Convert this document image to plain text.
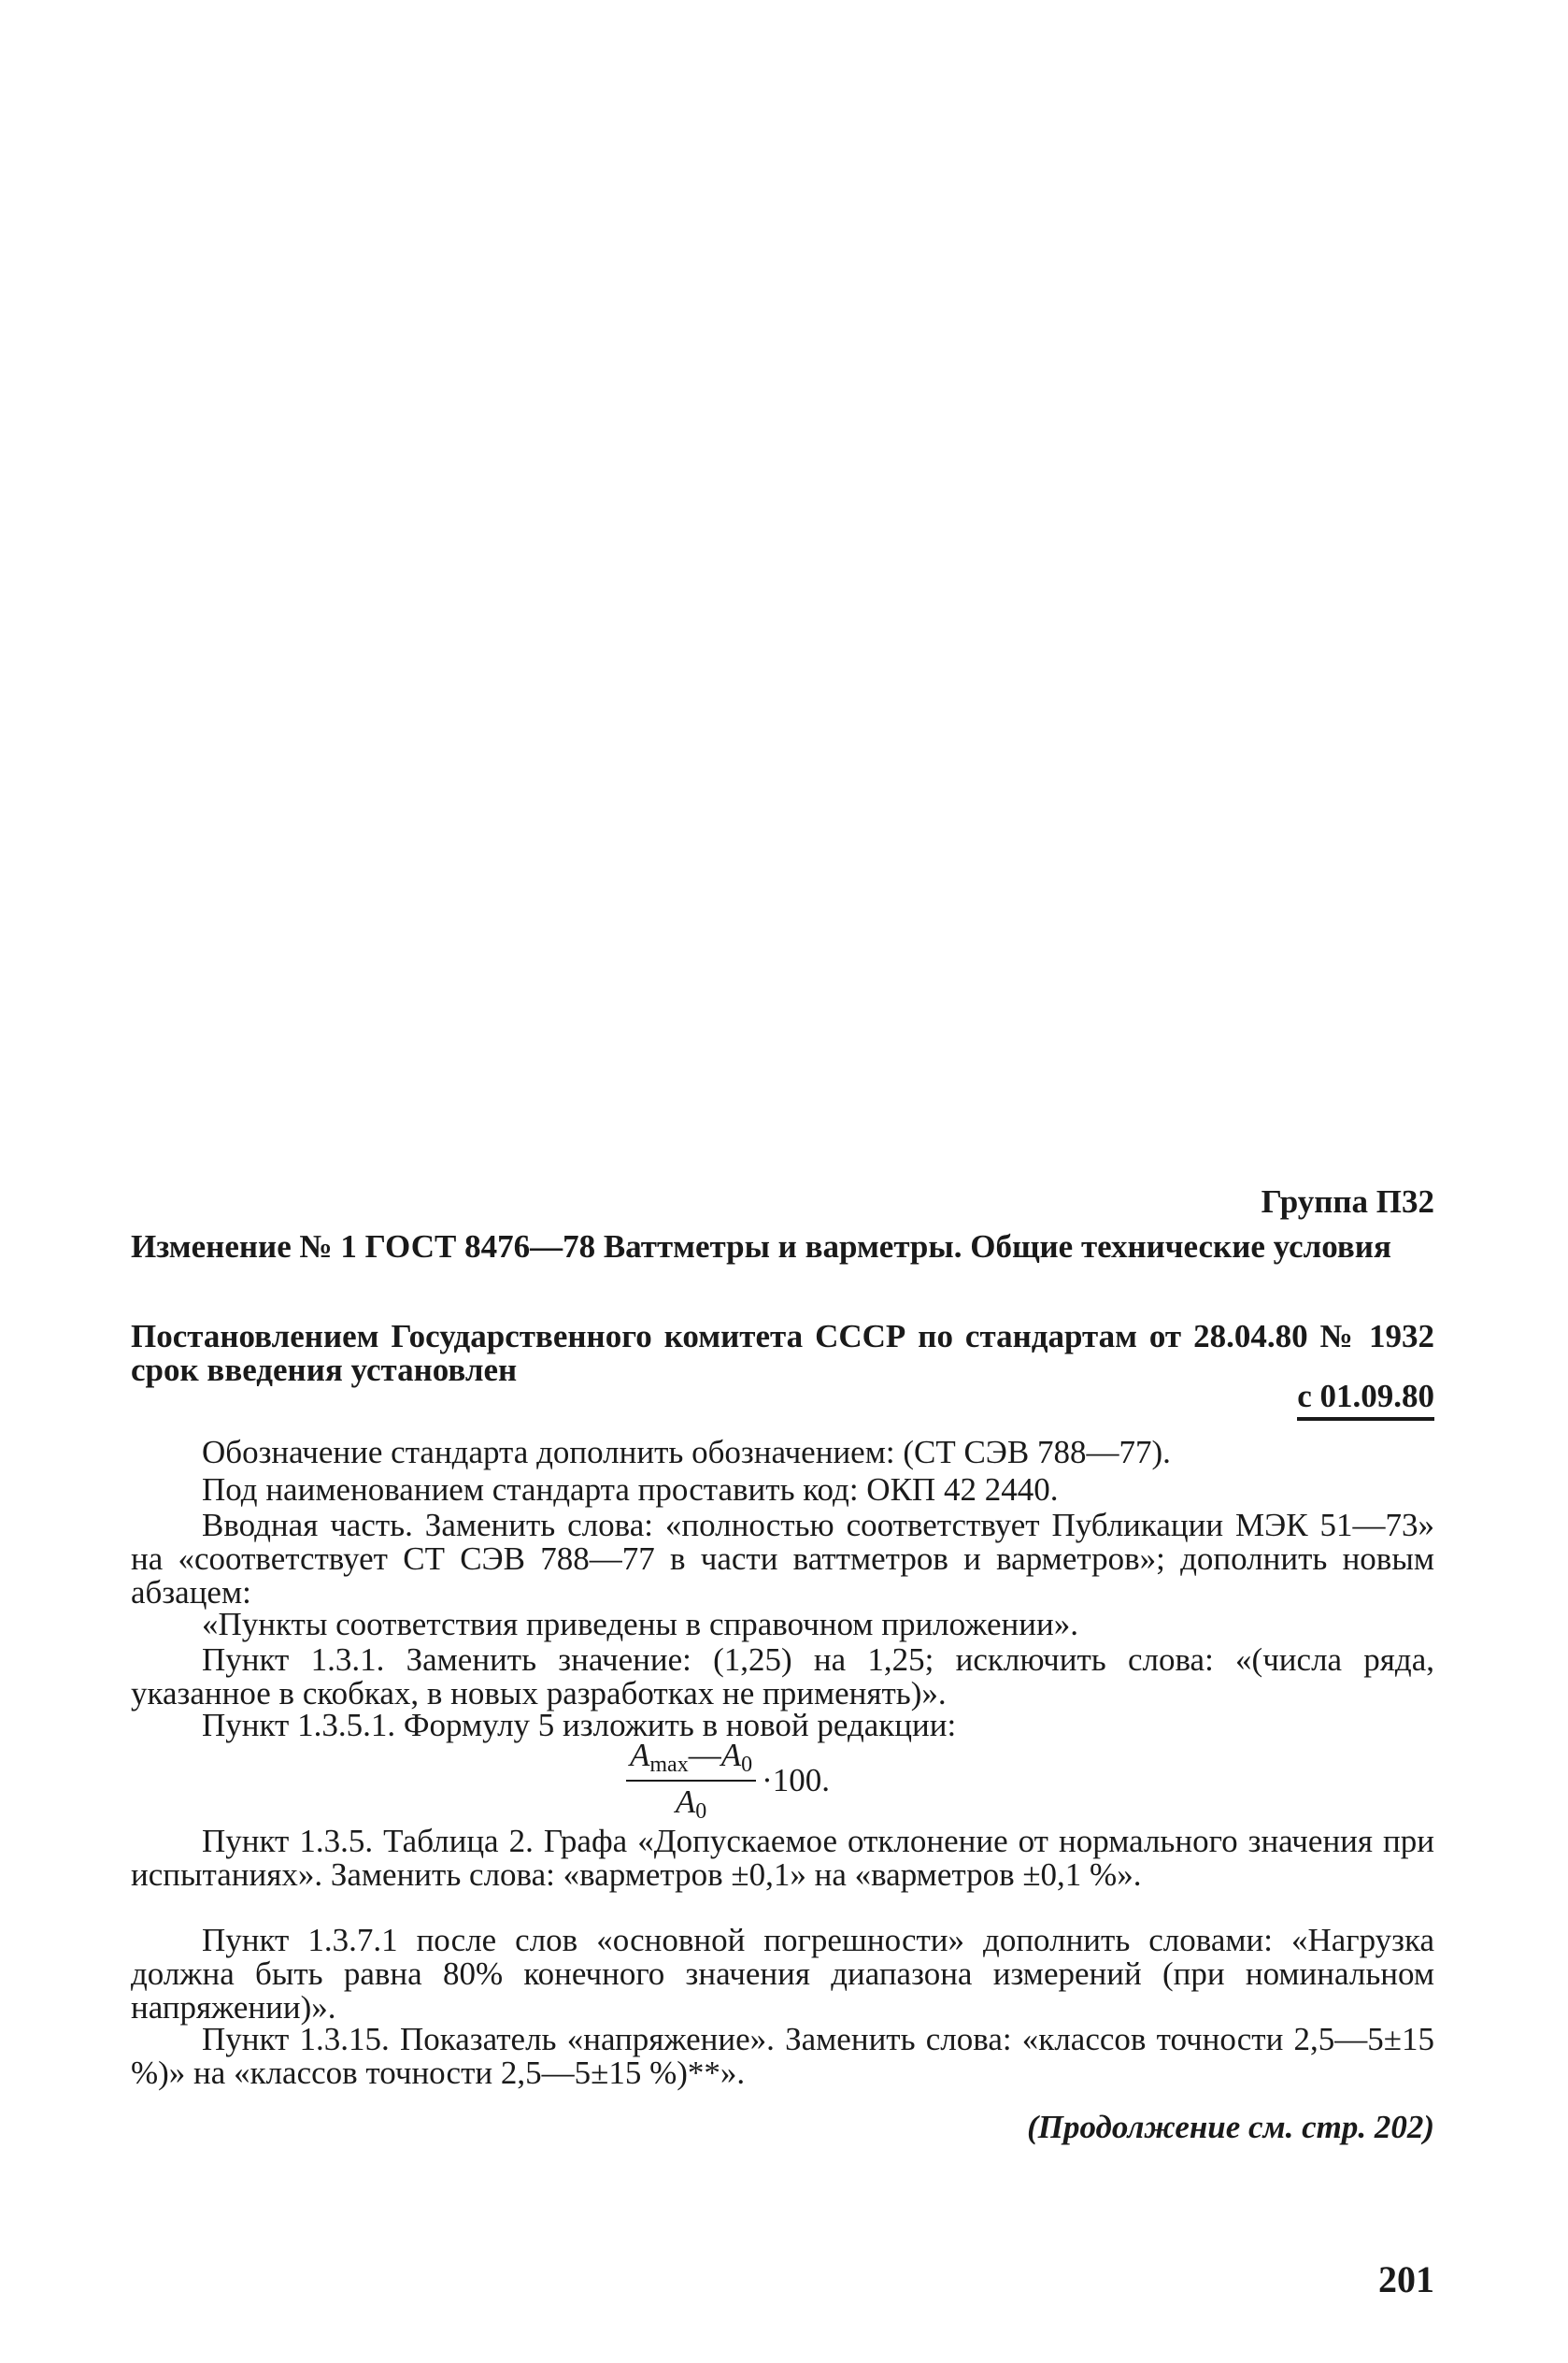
Группа П32
Изменение № 1 ГОСТ 8476—78 Ваттметры и варметры. Общие технические условия
Постановлением Государственного комитета СССР по стандартам от 28.04.80 № 1932 срок введения установлен
с 01.09.80
Обозначение стандарта дополнить обозначением: (СТ СЭВ 788—77).
Под наименованием стандарта проставить код: ОКП 42 2440.
Вводная часть. Заменить слова: «полностью соответствует Публикации МЭК 51—73» на «соответствует СТ СЭВ 788—77 в части ваттметров и варметров»; дополнить новым абзацем:
«Пункты соответствия приведены в справочном приложении».
Пункт 1.3.1. Заменить значение: (1,25) на 1,25; исключить слова: «(числа ряда, указанное в скобках, в новых разработках не применять)».
Пункт 1.3.5.1. Формулу 5 изложить в новой редакции:
$\frac{A_{max}—A_0}{A_0} \cdot 100$.
Пункт 1.3.5. Таблица 2. Графа «Допускаемое отклонение от нормального значения при испытаниях». Заменить слова: «варметров ±0,1» на «варметров ±0,1 %».
Пункт 1.3.7.1 после слов «основной погрешности» дополнить словами: «Нагрузка должна быть равна 80% конечного значения диапазона измерений (при номинальном напряжении)».
Пункт 1.3.15. Показатель «напряжение». Заменить слова: «классов точности 2,5—5±15 %)» на «классов точности 2,5—5±15 %)**».
(Продолжение см. стр. 202)
201
